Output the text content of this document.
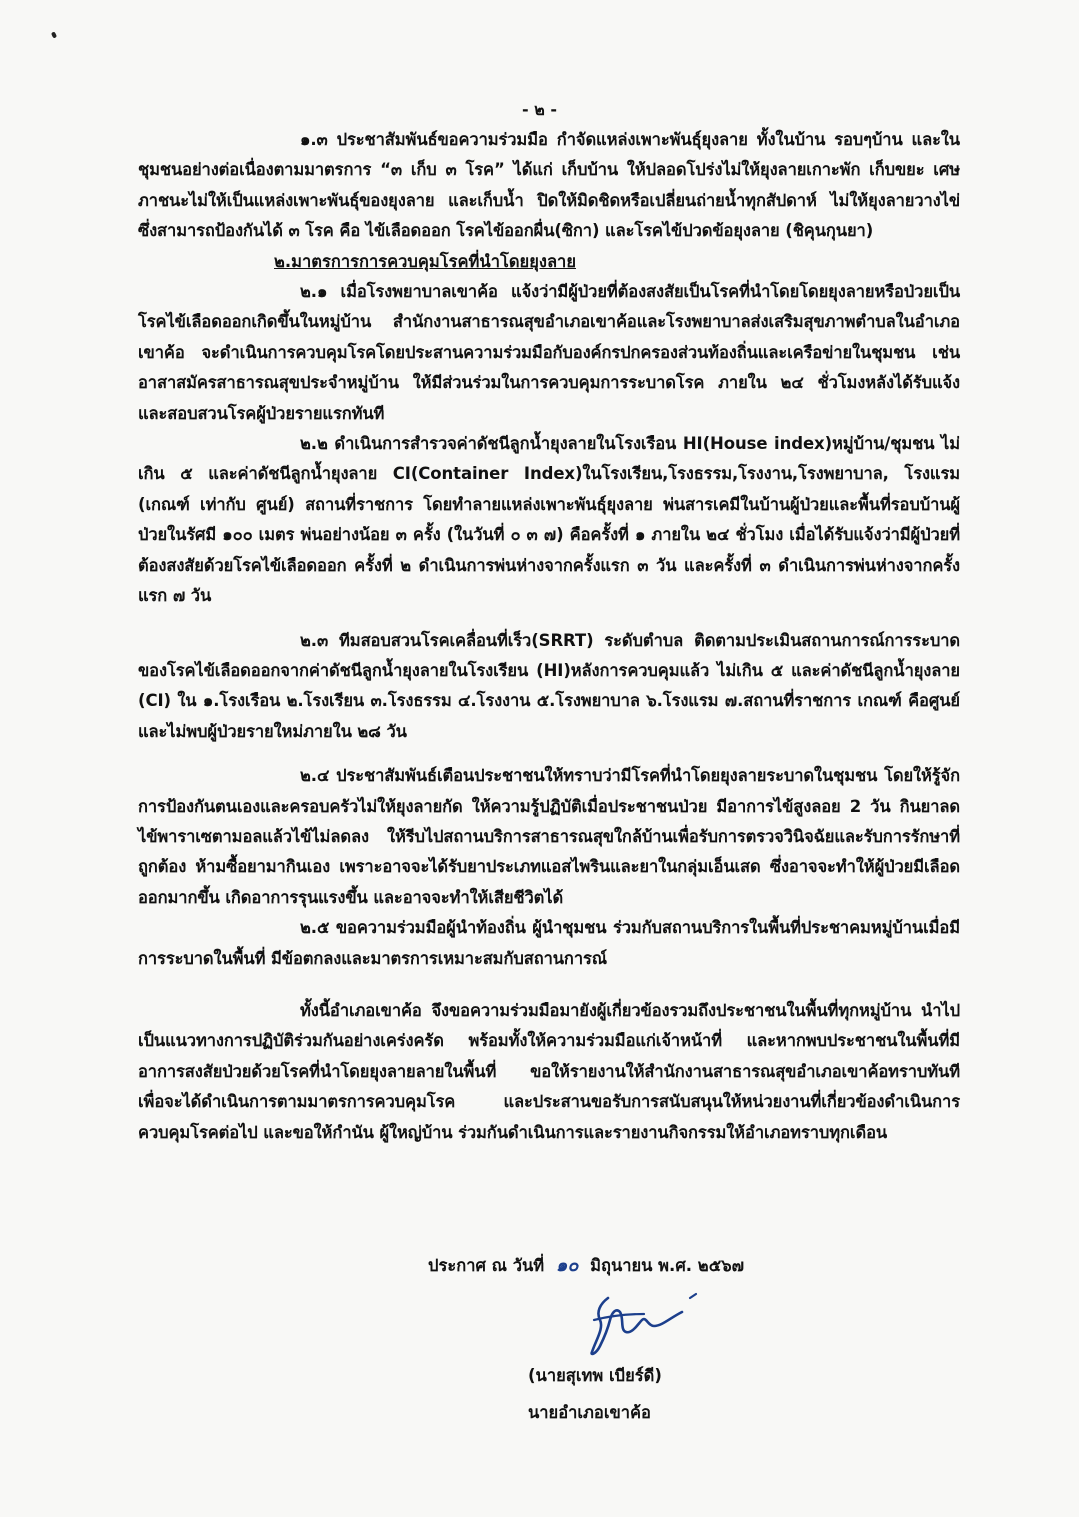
- ๒ -

๑.๓ ประชาสัมพันธ์ขอความร่วมมือ กำจัดแหล่งเพาะพันธุ์ยุงลาย ทั้งในบ้าน รอบๆบ้าน และในชุมชนอย่างต่อเนื่องตามมาตรการ “๓ เก็บ ๓ โรค” ได้แก่ เก็บบ้าน ให้ปลอดโปร่งไม่ให้ยุงลายเกาะพัก เก็บขยะ เศษภาชนะไม่ให้เป็นแหล่งเพาะพันธุ์ของยุงลาย และเก็บน้ำ ปิดให้มิดชิดหรือเปลี่ยนถ่ายน้ำทุกสัปดาห์ ไม่ให้ยุงลายวางไข่ ซึ่งสามารถป้องกันได้ ๓ โรค คือ ไข้เลือดออก โรคไข้ออกผื่น(ซิกา) และโรคไข้ปวดข้อยุงลาย (ชิคุนกุนยา)

๒.มาตรการการควบคุมโรคที่นำโดยยุงลาย

๒.๑ เมื่อโรงพยาบาลเขาค้อ แจ้งว่ามีผู้ป่วยที่ต้องสงสัยเป็นโรคที่นำโดยโดยยุงลายหรือป่วยเป็นโรคไข้เลือดออกเกิดขึ้นในหมู่บ้าน สำนักงานสาธารณสุขอำเภอเขาค้อและโรงพยาบาลส่งเสริมสุขภาพตำบลในอำเภอเขาค้อ จะดำเนินการควบคุมโรคโดยประสานความร่วมมือกับองค์กรปกครองส่วนท้องถิ่นและเครือข่ายในชุมชน เช่น อาสาสมัครสาธารณสุขประจำหมู่บ้าน ให้มีส่วนร่วมในการควบคุมการระบาดโรค ภายใน ๒๔ ชั่วโมงหลังได้รับแจ้ง และสอบสวนโรคผู้ป่วยรายแรกทันที

๒.๒ ดำเนินการสำรวจค่าดัชนีลูกน้ำยุงลายในโรงเรือน HI(House index)หมู่บ้าน/ชุมชน ไม่เกิน ๕ และค่าดัชนีลูกน้ำยุงลาย CI(Container Index)ในโรงเรียน,โรงธรรม,โรงงาน,โรงพยาบาล, โรงแรม (เกณฑ์ เท่ากับ ศูนย์) สถานที่ราชการ โดยทำลายแหล่งเพาะพันธุ์ยุงลาย พ่นสารเคมีในบ้านผู้ป่วยและพื้นที่รอบบ้านผู้ป่วยในรัศมี ๑๐๐ เมตร พ่นอย่างน้อย ๓ ครั้ง (ในวันที่ ๐ ๓ ๗) คือครั้งที่ ๑ ภายใน ๒๔ ชั่วโมง เมื่อได้รับแจ้งว่ามีผู้ป่วยที่ต้องสงสัยด้วยโรคไข้เลือดออก ครั้งที่ ๒ ดำเนินการพ่นห่างจากครั้งแรก ๓ วัน และครั้งที่ ๓ ดำเนินการพ่นห่างจากครั้งแรก ๗ วัน

๒.๓ ทีมสอบสวนโรคเคลื่อนที่เร็ว(SRRT) ระดับตำบล ติดตามประเมินสถานการณ์การระบาดของโรคไข้เลือดออกจากค่าดัชนีลูกน้ำยุงลายในโรงเรียน (HI)หลังการควบคุมแล้ว ไม่เกิน ๕ และค่าดัชนีลูกน้ำยุงลาย (CI) ใน ๑.โรงเรือน ๒.โรงเรียน ๓.โรงธรรม ๔.โรงงาน ๕.โรงพยาบาล ๖.โรงแรม ๗.สถานที่ราชการ เกณฑ์ คือศูนย์ และไม่พบผู้ป่วยรายใหม่ภายใน ๒๘ วัน

๒.๔ ประชาสัมพันธ์เตือนประชาชนให้ทราบว่ามีโรคที่นำโดยยุงลายระบาดในชุมชน โดยให้รู้จักการป้องกันตนเองและครอบครัวไม่ให้ยุงลายกัด ให้ความรู้ปฏิบัติเมื่อประชาชนป่วย มีอาการไข้สูงลอย 2 วัน กินยาลดไข้พาราเซตามอลแล้วไข้ไม่ลดลง ให้รีบไปสถานบริการสาธารณสุขใกล้บ้านเพื่อรับการตรวจวินิจฉัยและรับการรักษาที่ถูกต้อง ห้ามซื้อยามากินเอง เพราะอาจจะได้รับยาประเภทแอสไพรินและยาในกลุ่มเอ็นเสด ซึ่งอาจจะทำให้ผู้ป่วยมีเลือดออกมากขึ้น เกิดอาการรุนแรงขึ้น และอาจจะทำให้เสียชีวิตได้

๒.๕ ขอความร่วมมือผู้นำท้องถิ่น ผู้นำชุมชน ร่วมกับสถานบริการในพื้นที่ประชาคมหมู่บ้านเมื่อมีการระบาดในพื้นที่ มีข้อตกลงและมาตรการเหมาะสมกับสถานการณ์

ทั้งนี้อำเภอเขาค้อ จึงขอความร่วมมือมายังผู้เกี่ยวข้องรวมถึงประชาชนในพื้นที่ทุกหมู่บ้าน นำไปเป็นแนวทางการปฏิบัติร่วมกันอย่างเคร่งครัด พร้อมทั้งให้ความร่วมมือแก่เจ้าหน้าที่ และหากพบประชาชนในพื้นที่มีอาการสงสัยป่วยด้วยโรคที่นำโดยยุงลายลายในพื้นที่ ขอให้รายงานให้สำนักงานสาธารณสุขอำเภอเขาค้อทราบทันที เพื่อจะได้ดำเนินการตามมาตรการควบคุมโรค และประสานขอรับการสนับสนุนให้หน่วยงานที่เกี่ยวข้องดำเนินการควบคุมโรคต่อไป และขอให้กำนัน ผู้ใหญ่บ้าน ร่วมกันดำเนินการและรายงานกิจกรรมให้อำเภอทราบทุกเดือน

ประกาศ ณ วันที่ ๑๐ มิถุนายน พ.ศ. ๒๕๖๗
(นายสุเทพ เบียร์ดี)
นายอำเภอเขาค้อ
